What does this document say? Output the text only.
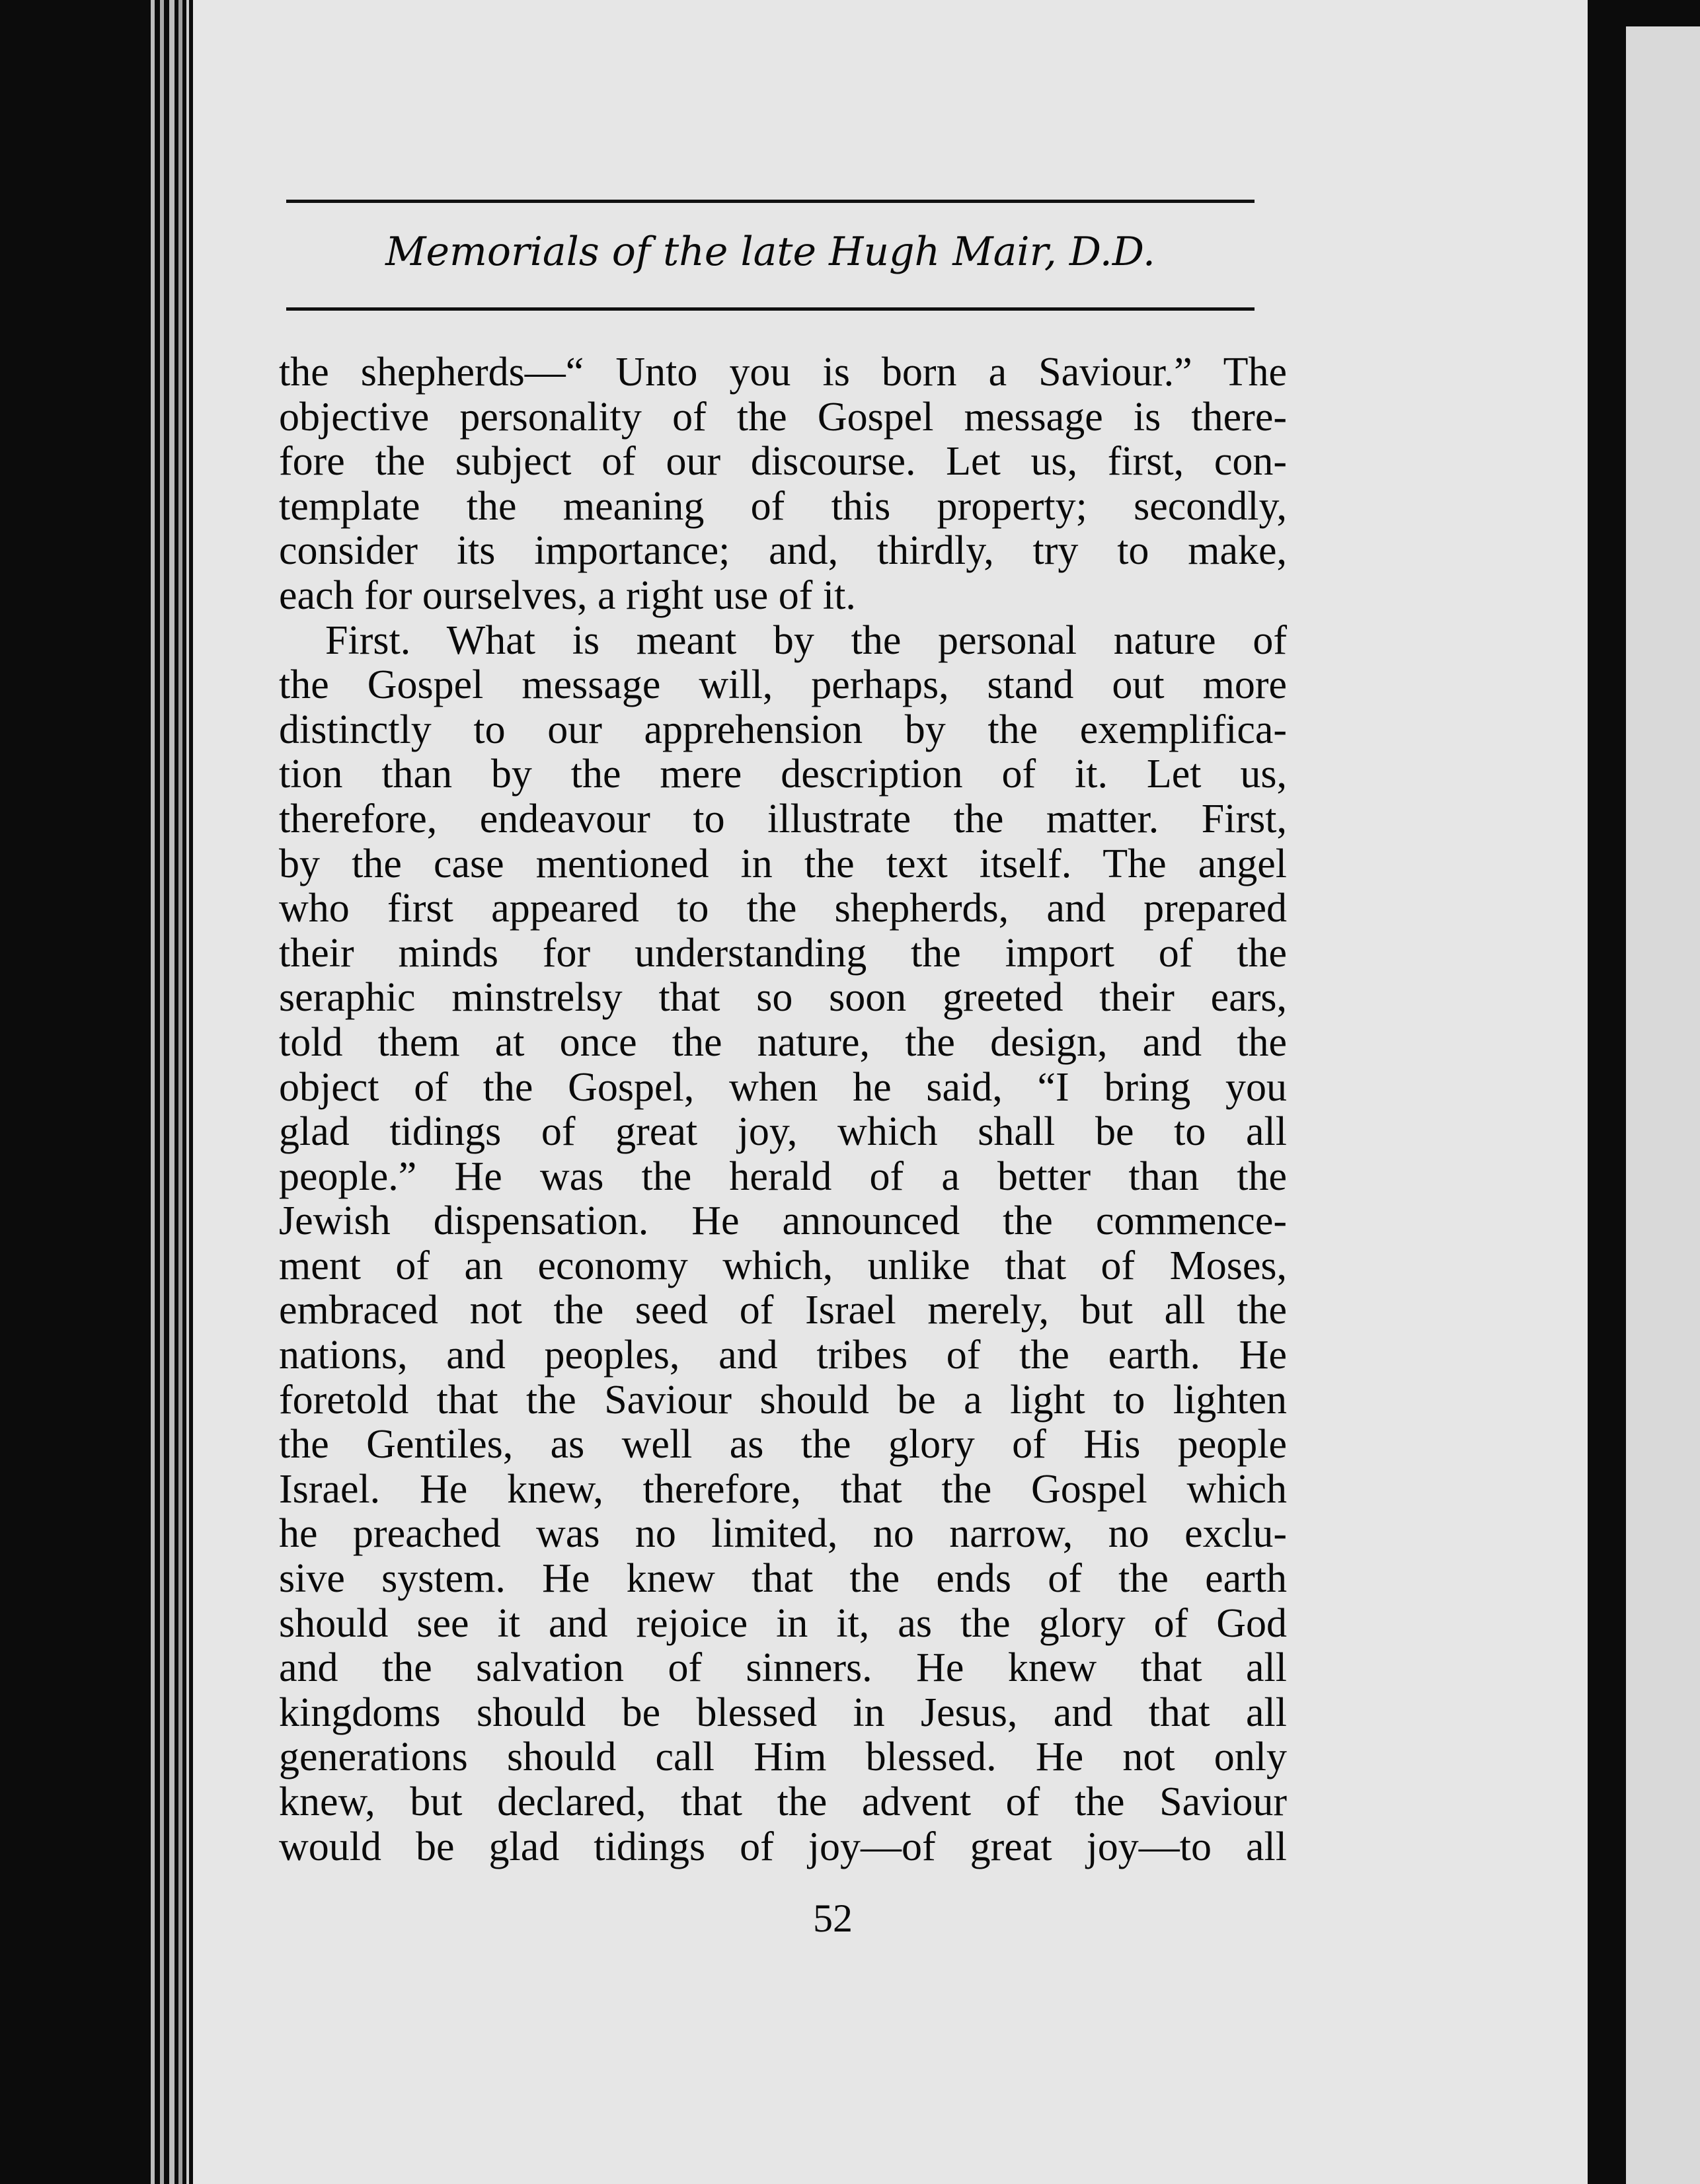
Memorials of the late Hugh Mair, D.D.
the shepherds—“ Unto you is born a Saviour.” The
objective personality of the Gospel message is there-
fore the subject of our discourse. Let us, first, con-
template the meaning of this property; secondly,
consider its importance; and, thirdly, try to make,
each for ourselves, a right use of it.
First. What is meant by the personal nature of
the Gospel message will, perhaps, stand out more
distinctly to our apprehension by the exemplifica-
tion than by the mere description of it. Let us,
therefore, endeavour to illustrate the matter. First,
by the case mentioned in the text itself. The angel
who first appeared to the shepherds, and prepared
their minds for understanding the import of the
seraphic minstrelsy that so soon greeted their ears,
told them at once the nature, the design, and the
object of the Gospel, when he said, “I bring you
glad tidings of great joy, which shall be to all
people.” He was the herald of a better than the
Jewish dispensation. He announced the commence-
ment of an economy which, unlike that of Moses,
embraced not the seed of Israel merely, but all the
nations, and peoples, and tribes of the earth. He
foretold that the Saviour should be a light to lighten
the Gentiles, as well as the glory of His people
Israel. He knew, therefore, that the Gospel which
he preached was no limited, no narrow, no exclu-
sive system. He knew that the ends of the earth
should see it and rejoice in it, as the glory of God
and the salvation of sinners. He knew that all
kingdoms should be blessed in Jesus, and that all
generations should call Him blessed. He not only
knew, but declared, that the advent of the Saviour
would be glad tidings of joy—of great joy—to all
52
